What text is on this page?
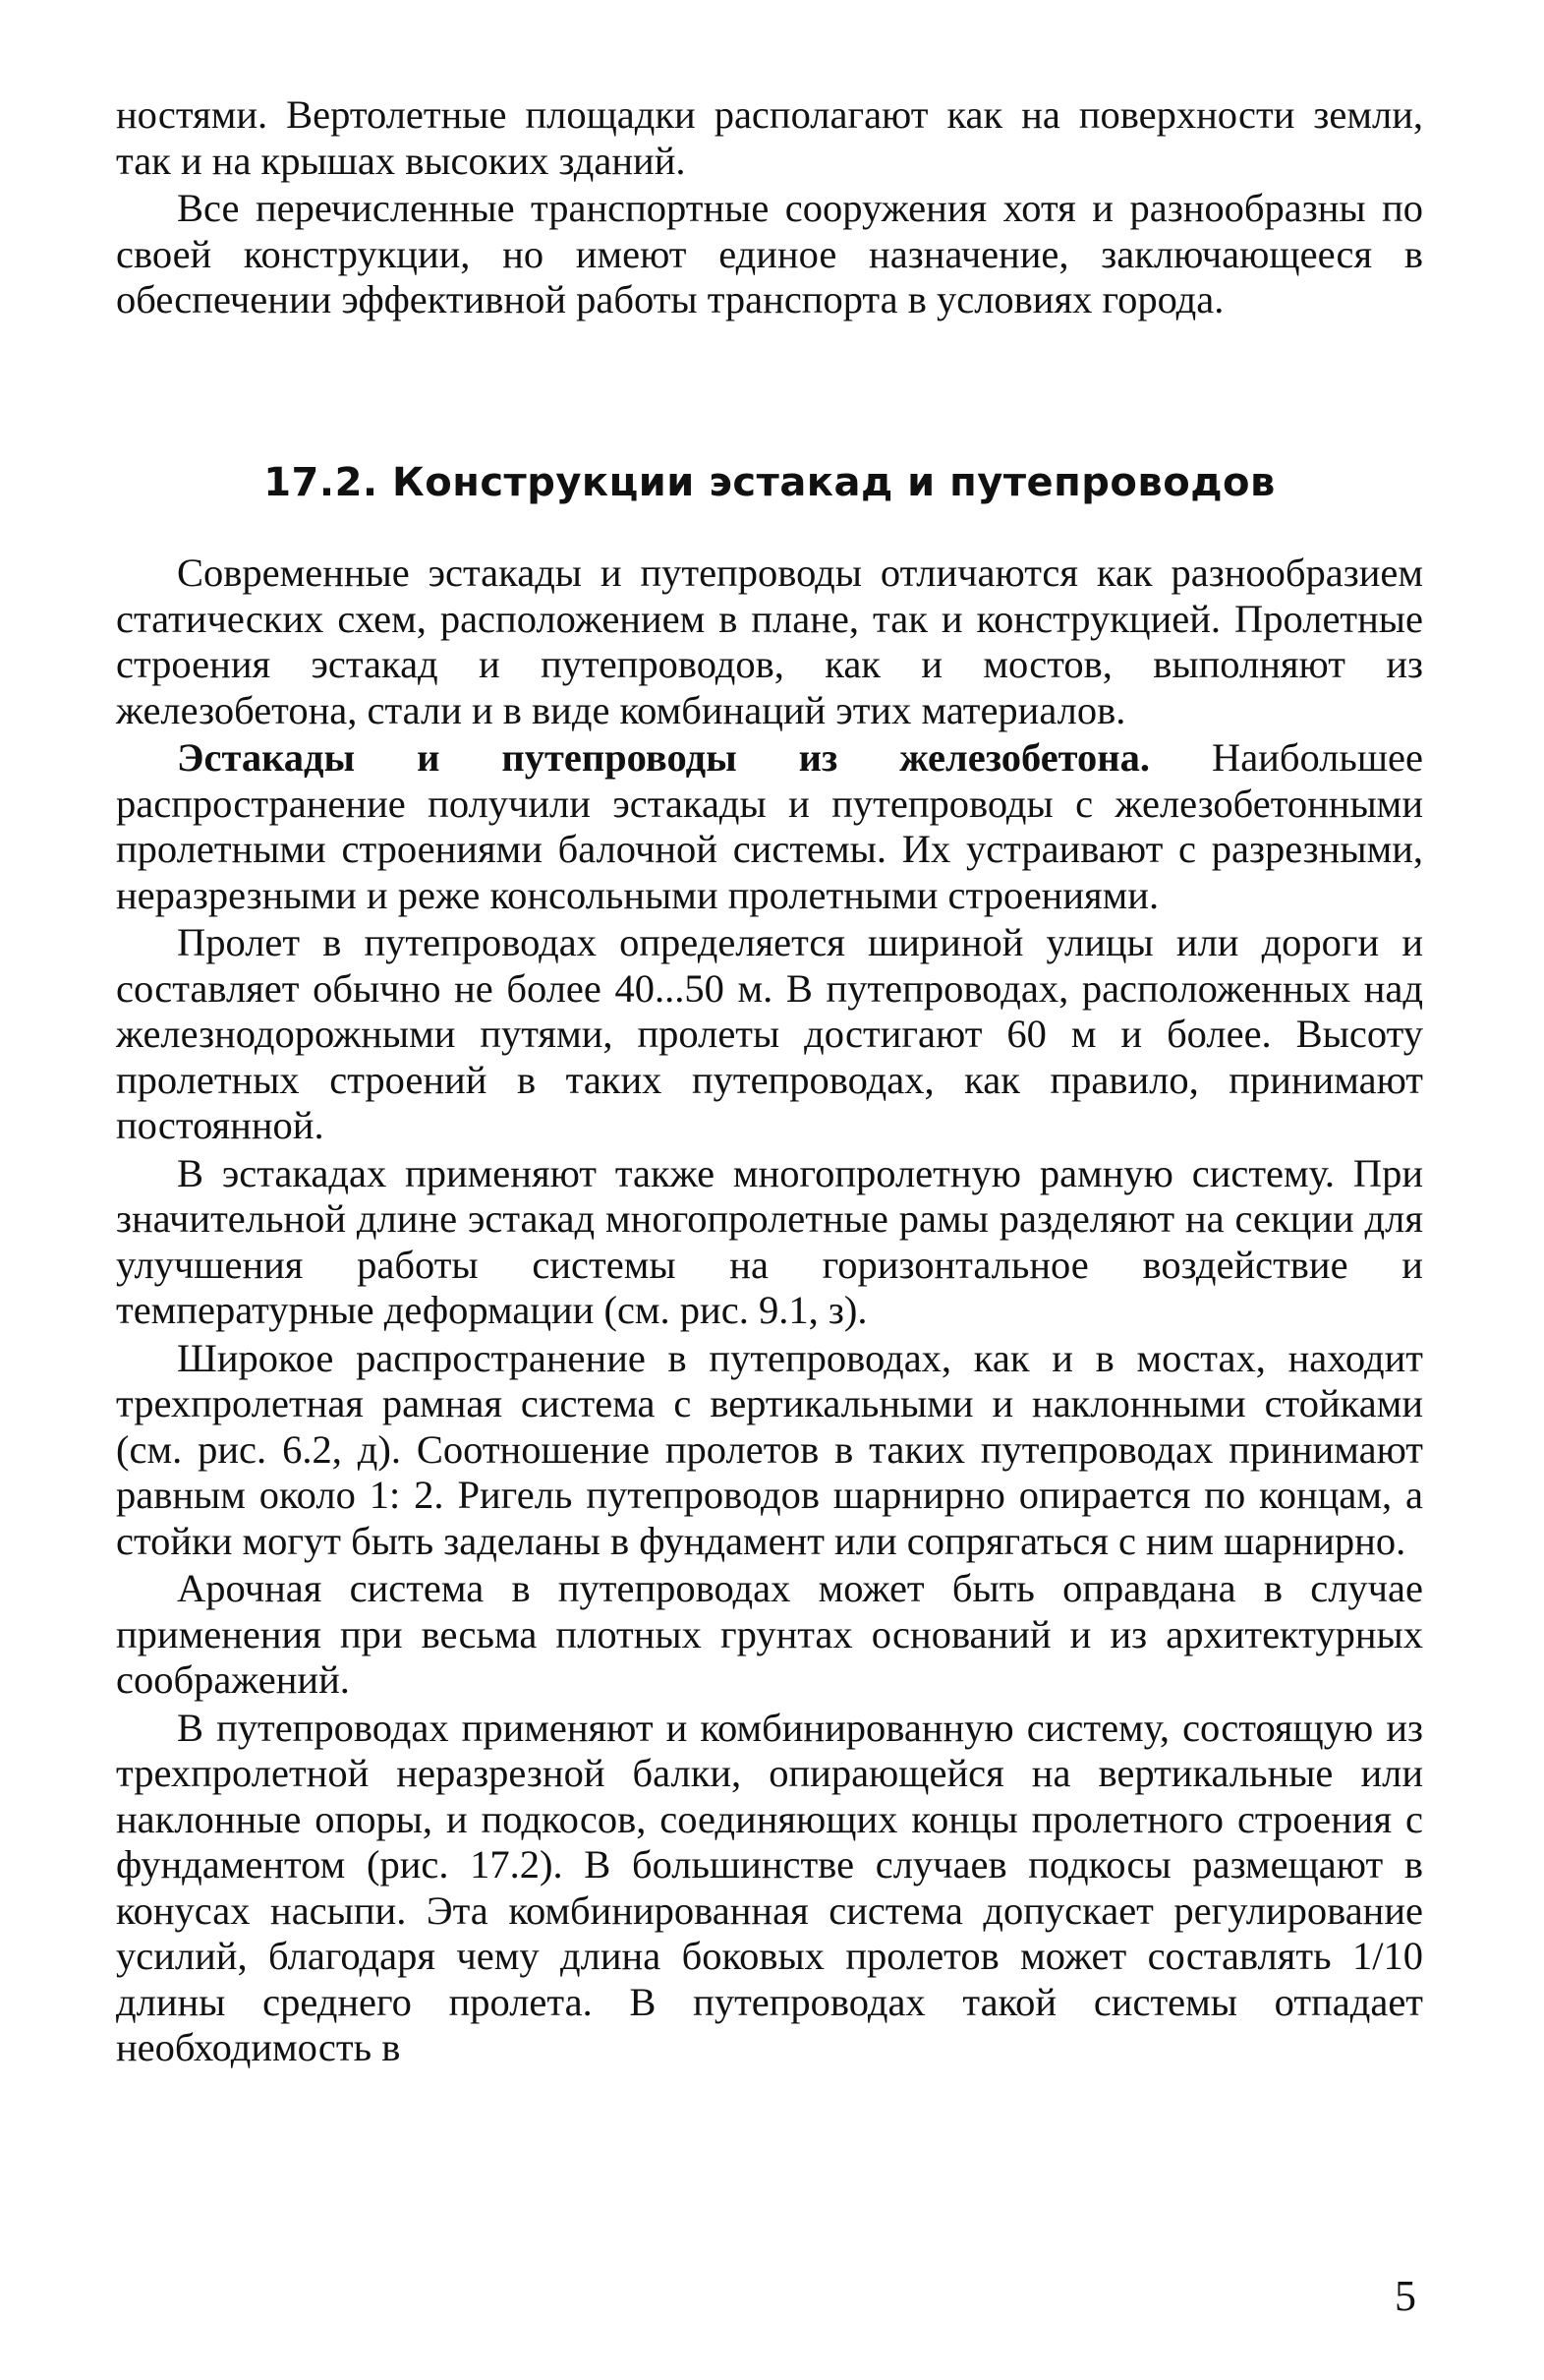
ностями. Вертолетные площадки располагают как на поверхности земли, так и на крышах высоких зданий.

Все перечисленные транспортные сооружения хотя и разнообразны по своей конструкции, но имеют единое назначение, заключающееся в обеспечении эффективной работы транспорта в условиях города.

17.2. Конструкции эстакад и путепроводов

Современные эстакады и путепроводы отличаются как разнообразием статических схем, расположением в плане, так и конструкцией. Пролетные строения эстакад и путепроводов, как и мостов, выполняют из железобетона, стали и в виде комбинаций этих материалов.

Эстакады и путепроводы из железобетона. Наибольшее распространение получили эстакады и путепроводы с железобетонными пролетными строениями балочной системы. Их устраивают с разрезными, неразрезными и реже консольными пролетными строениями.

Пролет в путепроводах определяется шириной улицы или дороги и составляет обычно не более 40...50 м. В путепроводах, расположенных над железнодорожными путями, пролеты достигают 60 м и более. Высоту пролетных строений в таких путепроводах, как правило, принимают постоянной.

В эстакадах применяют также многопролетную рамную систему. При значительной длине эстакад многопролетные рамы разделяют на секции для улучшения работы системы на горизонтальное воздействие и температурные деформации (см. рис. 9.1, з).

Широкое распространение в путепроводах, как и в мостах, находит трехпролетная рамная система с вертикальными и наклонными стойками (см. рис. 6.2, д). Соотношение пролетов в таких путепроводах принимают равным около 1: 2. Ригель путепроводов шарнирно опирается по концам, а стойки могут быть заделаны в фундамент или сопрягаться с ним шарнирно.

Арочная система в путепроводах может быть оправдана в случае применения при весьма плотных грунтах оснований и из архитектурных соображений.

В путепроводах применяют и комбинированную систему, состоящую из трехпролетной неразрезной балки, опирающейся на вертикальные или наклонные опоры, и подкосов, соединяющих концы пролетного строения с фундаментом (рис. 17.2). В большинстве случаев подкосы размещают в конусах насыпи. Эта комбинированная система допускает регулирование усилий, благодаря чему длина боковых пролетов может составлять 1/10 длины среднего пролета. В путепроводах такой системы отпадает необходимость в

5
